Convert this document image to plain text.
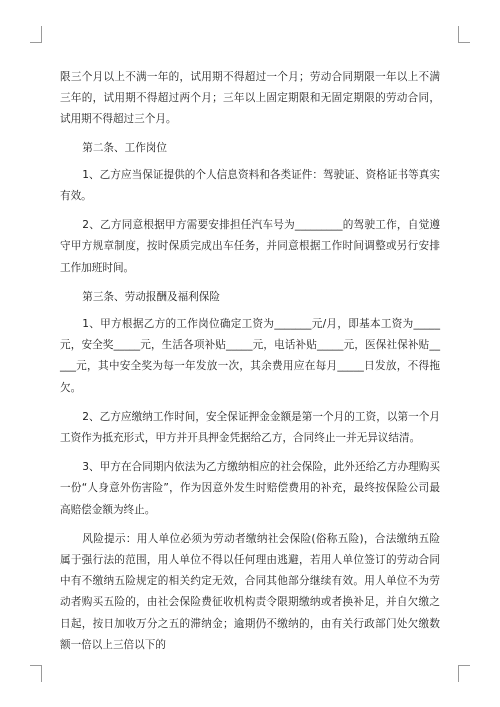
限三个月以上不满一年的，试用期不得超过一个月；劳动合同期限一年以上不满三年的，试用期不得超过两个月；三年以上固定期限和无固定期限的劳动合同，试用期不得超过三个月。

第二条、工作岗位

1、乙方应当保证提供的个人信息资料和各类证件：驾驶证、资格证书等真实有效。

2、乙方同意根据甲方需要安排担任汽车号为_________的驾驶工作，自觉遵守甲方规章制度，按时保质完成出车任务，并同意根据工作时间调整或另行安排工作加班时间。

第三条、劳动报酬及福利保险

1、甲方根据乙方的工作岗位确定工资为_______元/月，即基本工资为_____元，安全奖_____元，生活各项补贴_____元，电话补贴_____元，医保社保补贴_____元，其中安全奖为每一年发放一次，其余费用应在每月_____日发放，不得拖欠。

2、乙方应缴纳工作时间，安全保证押金金额是第一个月的工资，以第一个月工资作为抵充形式，甲方并开具押金凭据给乙方，合同终止一并无异议结清。

3、甲方在合同期内依法为乙方缴纳相应的社会保险，此外还给乙方办理购买一份“人身意外伤害险”，作为因意外发生时赔偿费用的补充，最终按保险公司最高赔偿金额为终止。

风险提示：用人单位必须为劳动者缴纳社会保险(俗称五险)，合法缴纳五险属于强行法的范围，用人单位不得以任何理由逃避，若用人单位签订的劳动合同中有不缴纳五险规定的相关约定无效，合同其他部分继续有效。用人单位不为劳动者购买五险的，由社会保险费征收机构责令限期缴纳或者换补足，并自欠缴之日起，按日加收万分之五的滞纳金；逾期仍不缴纳的，由有关行政部门处欠缴数额一倍以上三倍以下的
